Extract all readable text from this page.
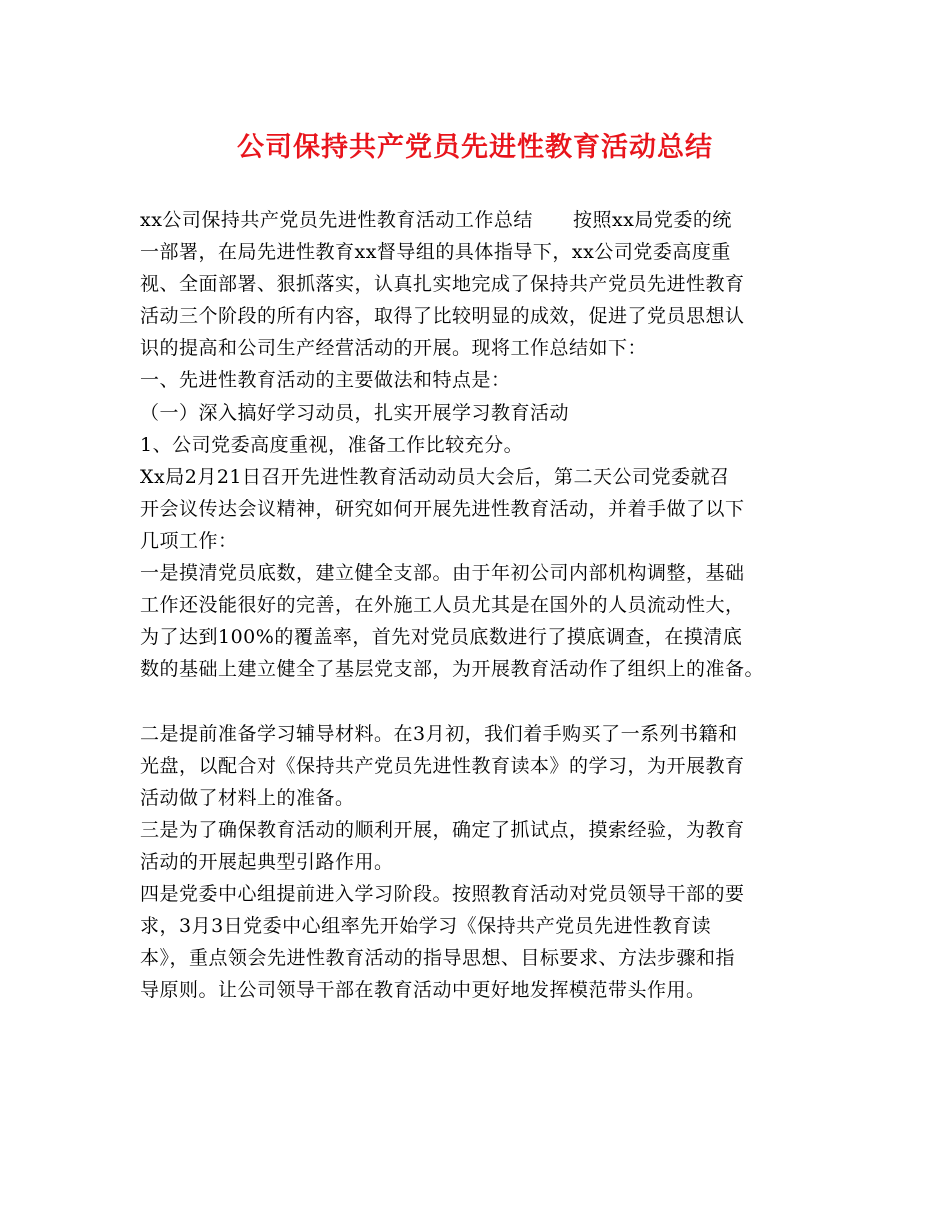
公司保持共产党员先进性教育活动总结
xx公司保持共产党员先进性教育活动工作总结 按照xx局党委的统
一部署，在局先进性教育xx督导组的具体指导下，xx公司党委高度重
视、全面部署、狠抓落实，认真扎实地完成了保持共产党员先进性教育
活动三个阶段的所有内容，取得了比较明显的成效，促进了党员思想认
识的提高和公司生产经营活动的开展。现将工作总结如下：
一、先进性教育活动的主要做法和特点是：
（一）深入搞好学习动员，扎实开展学习教育活动
1、公司党委高度重视，准备工作比较充分。
Xx局2月21日召开先进性教育活动动员大会后，第二天公司党委就召
开会议传达会议精神，研究如何开展先进性教育活动，并着手做了以下
几项工作：
一是摸清党员底数，建立健全支部。由于年初公司内部机构调整，基础
工作还没能很好的完善，在外施工人员尤其是在国外的人员流动性大，
为了达到100%的覆盖率，首先对党员底数进行了摸底调查，在摸清底
数的基础上建立健全了基层党支部，为开展教育活动作了组织上的准备。
二是提前准备学习辅导材料。在3月初，我们着手购买了一系列书籍和
光盘，以配合对《保持共产党员先进性教育读本》的学习，为开展教育
活动做了材料上的准备。
三是为了确保教育活动的顺利开展，确定了抓试点，摸索经验，为教育
活动的开展起典型引路作用。
四是党委中心组提前进入学习阶段。按照教育活动对党员领导干部的要
求，3月3日党委中心组率先开始学习《保持共产党员先进性教育读
本》，重点领会先进性教育活动的指导思想、目标要求、方法步骤和指
导原则。让公司领导干部在教育活动中更好地发挥模范带头作用。
